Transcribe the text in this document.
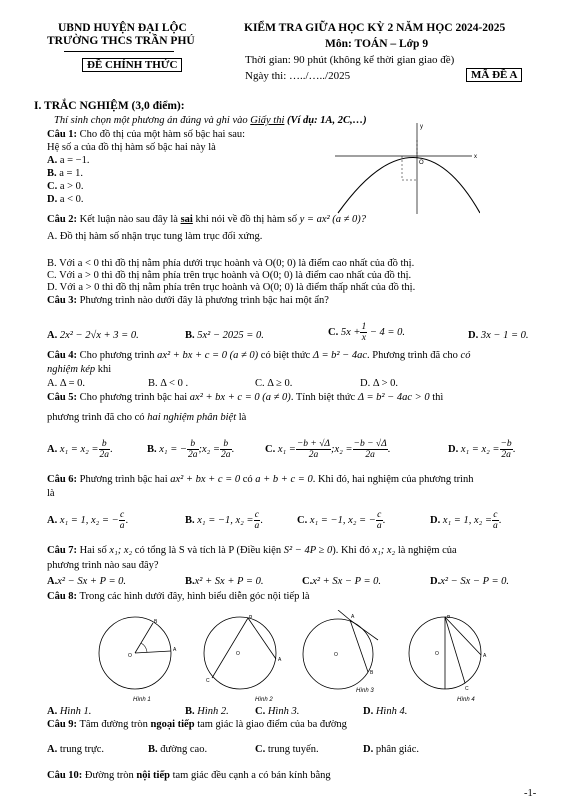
UBND HUYỆN ĐẠI LỘC
TRƯỜNG THCS TRẦN PHÚ
ĐỀ CHÍNH THỨC
KIỂM TRA GIỮA HỌC KỲ 2 NĂM HỌC 2024-2025
Môn: TOÁN – Lớp 9
Thời gian: 90 phút (không kể thời gian giao đề)
Ngày thi: …../…../2025	MÃ ĐỀ A
I. TRẮC NGHIỆM (3,0 điểm):
Thí sinh chọn một phương án đúng và ghi vào Giấy thi (Ví dụ: 1A, 2C,…)
Câu 1: Cho đồ thị của một hàm số bậc hai sau:
Hệ số a của đồ thị hàm số bậc hai này là
A. a = −1.
B. a = 1.
C. a > 0.
D. a < 0.
x
y
O
Câu 2: Kết luận nào sau đây là sai khi nói về đồ thị hàm số y = ax² (a ≠ 0)?
A. Đồ thị hàm số nhận trục tung làm trục đối xứng.
B. Với a < 0 thì đồ thị nằm phía dưới trục hoành và O(0; 0) là điểm cao nhất của đồ thị.
C. Với a > 0 thì đồ thị nằm phía trên trục hoành và O(0; 0) là điểm cao nhất của đồ thị.
D. Với a > 0 thì đồ thị nằm phía trên trục hoành và O(0; 0) là điểm thấp nhất của đồ thị.
Câu 3: Phương trình nào dưới đây là phương trình bậc hai một ẩn?
A. 2x² − 2√x + 3 = 0.	B. 5x² − 2025 = 0.	C. $5x + \frac{1}{x} - 4 = 0$.	D. 3x − 1 = 0.
Câu 4: Cho phương trình ax² + bx + c = 0 (a ≠ 0) có biệt thức Δ = b² − 4ac. Phương trình đã cho có
nghiệm kép khi
A. Δ = 0.	B. Δ < 0 .	C. Δ ≥ 0.	D. Δ > 0.
Câu 5: Cho phương trình bậc hai ax² + bx + c = 0 (a ≠ 0). Tính biệt thức Δ = b² − 4ac > 0 thì
phương trình đã cho có hai nghiệm phân biệt là
A. $x_1 = x_2 = \frac{b}{2a}$ .	B. x₁ = − $\frac{b}{2a}$ ;x₂ = $\frac{b}{2a}$ .	C. $x_1 = \frac{-b + √\Delta}{2a}$ ;x₂ = $\frac{-b - √\Delta}{2a}$ .	D. $x_1 = x_2 = \frac{-b}{2a}$ .
Câu 6: Phương trình bậc hai ax² + bx + c = 0 có a + b + c = 0. Khi đó, hai nghiệm của phương trình
là
A. x₁ = 1, x₂ = − $\frac{c}{a}$ .	B. x₁ = −1, $x_2 = \frac{c}{a}$ .	C. x₁ = −1, x₂ = − $\frac{c}{a}$ .	D. x₁ = 1, $x_2 = \frac{c}{a}$ .
Câu 7: Hai số x₁; x₂ có tổng là S và tích là P (Điều kiện S² − 4P ≥ 0). Khi đó x₁; x₂ là nghiệm của
phương trình nào sau đây?
A.x² − Sx + P = 0.	B.x² + Sx + P = 0.	C.x² + Sx − P = 0.	D.x² − Sx − P = 0.
Câu 8: Trong các hình dưới đây, hình biểu diễn góc nội tiếp là
O
B
A
Hình 1
O
B
C
A
Hình 2
O
A
B
Hình 3
O
B
A
C
Hình 4
A. Hình 1.	B. Hình 2. C. Hình 3.	D. Hình 4.
Câu 9: Tâm đường tròn ngoại tiếp tam giác là giao điểm của ba đường
A. trung trực.	B. đường cao.	C. trung tuyến.	D. phân giác.
Câu 10: Đường tròn nội tiếp tam giác đều cạnh a có bán kính bằng
-1-
